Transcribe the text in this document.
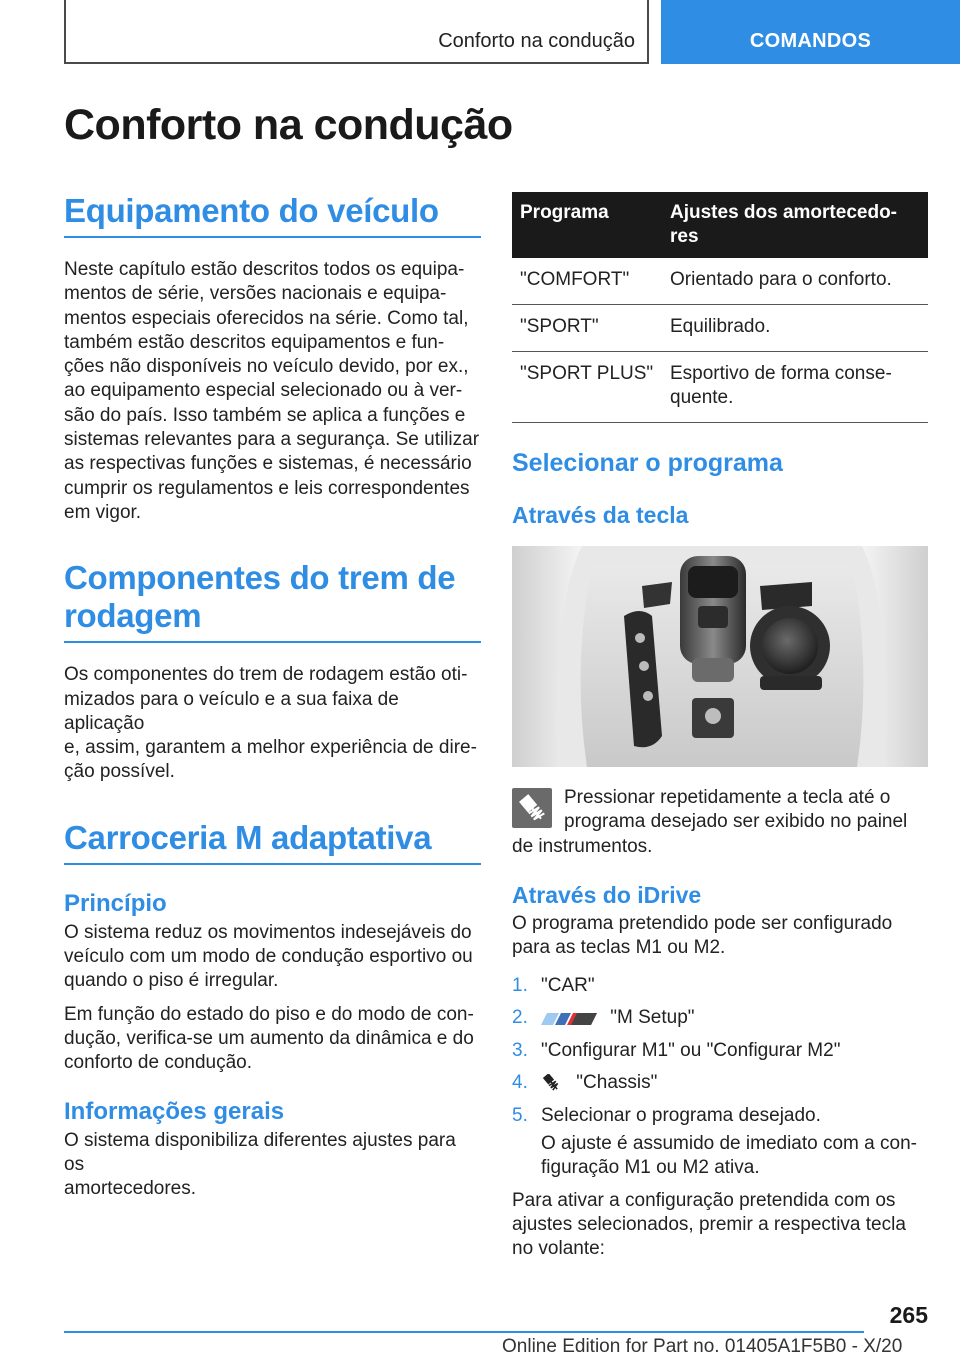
Conforto na condução	COMANDOS
Conforto na condução
Equipamento do veículo
Neste capítulo estão descritos todos os equipa-
mentos de série, versões nacionais e equipa-
mentos especiais oferecidos na série. Como tal,
também estão descritos equipamentos e fun-
ções não disponíveis no veículo devido, por ex.,
ao equipamento especial selecionado ou à ver-
são do país. Isso também se aplica a funções e
sistemas relevantes para a segurança. Se utilizar
as respectivas funções e sistemas, é necessário
cumprir os regulamentos e leis correspondentes
em vigor.
Componentes do trem de
rodagem
Os componentes do trem de rodagem estão oti-
mizados para o veículo e a sua faixa de aplicação
e, assim, garantem a melhor experiência de dire-
ção possível.
Carroceria M adaptativa
Princípio
O sistema reduz os movimentos indesejáveis do
veículo com um modo de condução esportivo ou
quando o piso é irregular.
Em função do estado do piso e do modo de con-
dução, verifica-se um aumento da dinâmica e do
conforto de condução.
Informações gerais
O sistema disponibiliza diferentes ajustes para os
amortecedores.
Programa	Ajustes dos amortecedo-
res

"COMFORT"	Orientado para o conforto.
"SPORT"	Equilibrado.
"SPORT PLUS"	Esportivo de forma conse-
quente.
Selecionar o programa
Através da tecla
Pressionar repetidamente a tecla até o
programa desejado ser exibido no painel
de instrumentos.
Através do iDrive
O programa pretendido pode ser configurado
para as teclas M1 ou M2.
1. "CAR"
2.	"M Setup"
3. "Configurar M1" ou "Configurar M2"
4.	"Chassis"
5. Selecionar o programa desejado.
O ajuste é assumido de imediato com a con-
figuração M1 ou M2 ativa.
Para ativar a configuração pretendida com os
ajustes selecionados, premir a respectiva tecla
no volante:
265
Online Edition for Part no. 01405A1F5B0 - X/20
